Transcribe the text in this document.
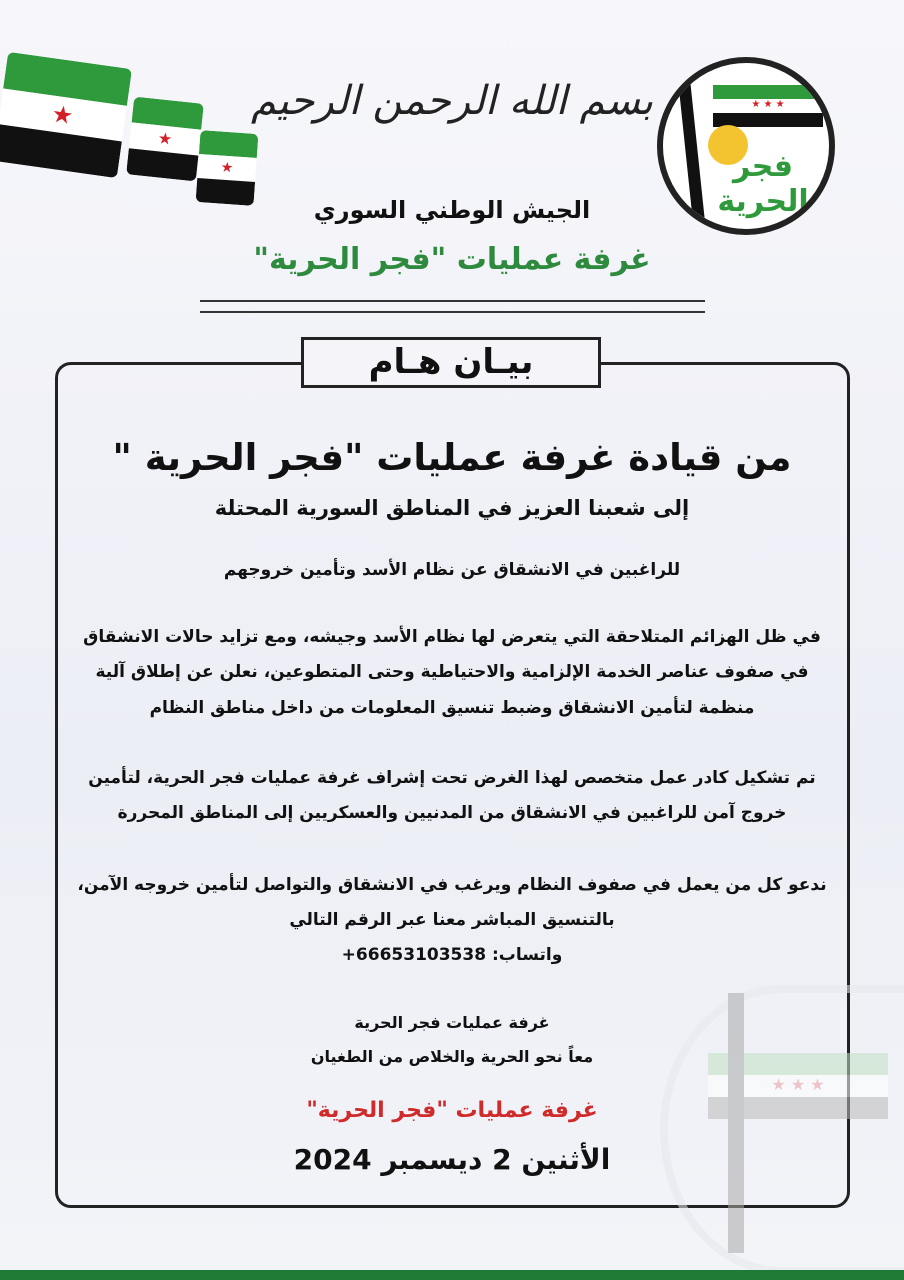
★
★
★
بسم الله الرحمن الرحيم	★ ★ ★
فجر الحرية
الجيش الوطني السوري
غرفة عمليات "فجر الحرية"
★ ★ ★
بيـان هـام
من قيادة غرفة عمليات "فجر الحرية "
إلى شعبنا العزيز في المناطق السورية المحتلة
للراغبين في الانشقاق عن نظام الأسد وتأمين خروجهم
في ظل الهزائم المتلاحقة التي يتعرض لها نظام الأسد وجيشه، ومع تزايد حالات الانشقاق
في صفوف عناصر الخدمة الإلزامية والاحتياطية وحتى المتطوعين، نعلن عن إطلاق آلية
منظمة لتأمين الانشقاق وضبط تنسيق المعلومات من داخل مناطق النظام
تم تشكيل كادر عمل متخصص لهذا الغرض تحت إشراف غرفة عمليات فجر الحرية، لتأمين
خروج آمن للراغبين في الانشقاق من المدنيين والعسكريين إلى المناطق المحررة
ندعو كل من يعمل في صفوف النظام ويرغب في الانشقاق والتواصل لتأمين خروجه الآمن،
بالتنسيق المباشر معنا عبر الرقم التالي
واتساب: 66653103538+
غرفة عمليات فجر الحرية
معاً نحو الحرية والخلاص من الطغيان
غرفة عمليات "فجر الحرية"
الأثنين 2 ديسمبر 2024
